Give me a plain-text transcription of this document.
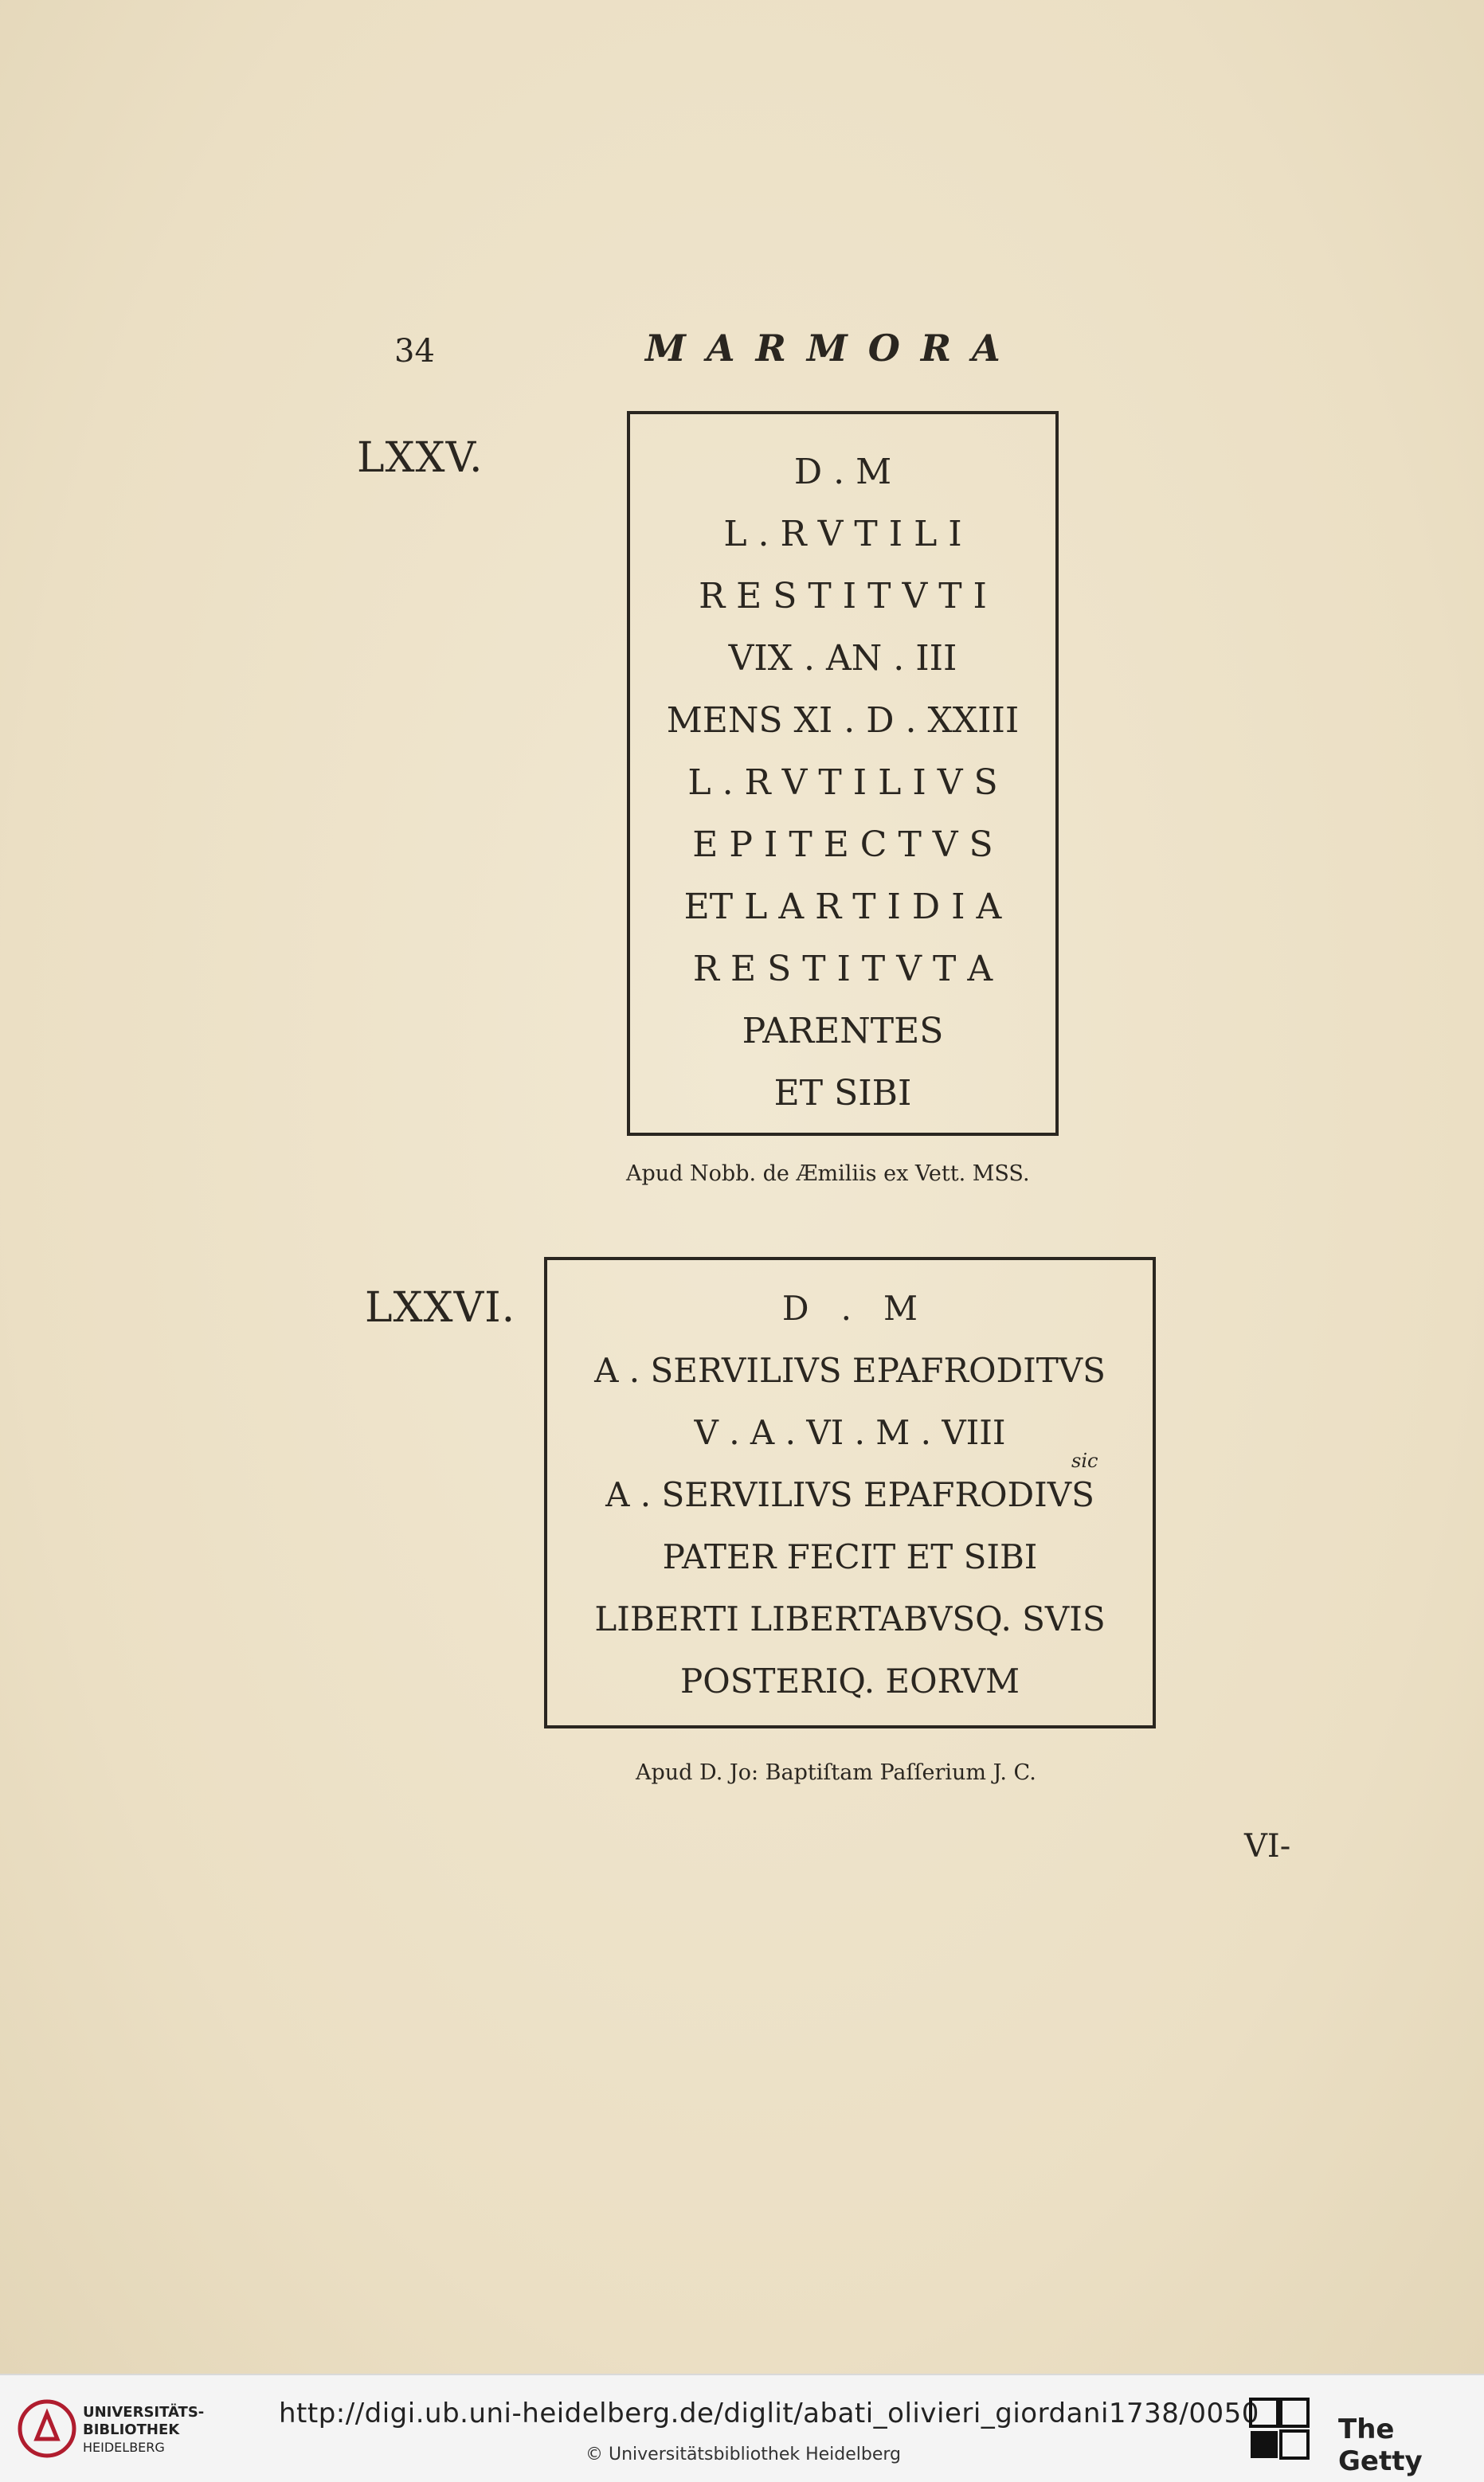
34	MARMORA
LXXV.	D . M
L . R V T I L I
R E S T I T V T I
VIX . AN . III
MENS XI . D . XXIII
L . R V T I L I V S
E P I T E C T V S
ET L A R T I D I A
R E S T I T V T A
PARENTES
ET SIBI
Apud Nobb. de Æmiliis ex Vett. MSS.
LXXVI.	D   .   M
A . SERVILIVS EPAFRODITVS
V . A . VI . M . VIII
A . SERVILIVS EPAFRODIVS
PATER FECIT ET SIBI
LIBERTI LIBERTABVSQ. SVIS
POSTERIQ. EORVM
sic
Apud D. Jo: Baptiſtam Paſſerium J. C.
VI-
UNIVERSITÄTS-
BIBLIOTHEK
HEIDELBERG
http://digi.ub.uni-heidelberg.de/diglit/abati_olivieri_giordani1738/0050
© Universitätsbibliothek Heidelberg
The Getty
